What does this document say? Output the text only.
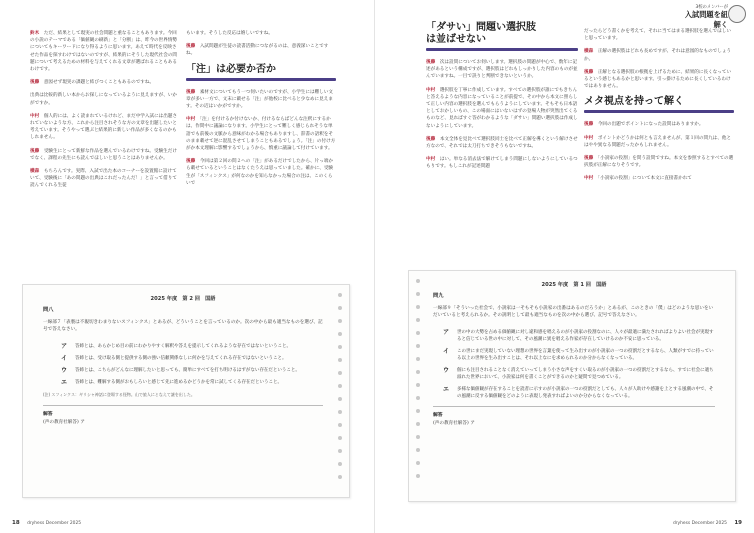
鈴木　 ただ、結果として現実の社会問題と重なることもあります。今回の小説のテーマである「価値観の刷新」と「分断」は、昨今の世界情勢についてもキーワードになり得るように思います。あえて時代を反映させた作品を探すわけではないのですが、結果的にそうした現代社会の問題について考えるための材料を与えてくれる文章が選ばれることもあるわけです。

後藤　 意図せず現実の課題と結びつくこともあるのですね。

出典は比較的新しい本からお探しになっているように見えますが、いかがですか。

中村　 個人的には、よく読まれているけれど、まだ中学入試には出題されていないような方、これから注目されそうな方の文章を出題したいと考えています。そうやって選ぶと結果的に新しい作品が多くなるのかもしれません。

後藤　 受験生にとって新鮮な作品を選んでいるわけですね。受験生だけでなく、課程の先生にも読んでほしいと思うことはありませんか。

横森　 もちろんです。実際、入試で出た本のコーナーを設置館に設けていて、受験後に「あの問題の出典はこれだったんだ！」と言って借りて読んでくれる生徒

もいます。そうした反応は嬉しいですね。

後藤　 入試問題が生徒の読書活動につながるのは、意義深いことですね。

「注」は必要か否か

後藤　 素材文についてもう一つ伺いたいのですが、小学生には難しい文章が多い一方で、文末に載せる「注」が他校に比べると少なめに見えます。その辺はいかがですか。

中村　 「注」を付けるか付けないか、付けるならばどんな注釈にするかは、作問中に議論になります。小学生にとって難しく感じられそうな単語でも前後の文脈から意味がわかる場合もありますし、辞書の語釈をそのまま載せて逆に混乱させてしまうこともあるでしょう。「注」の付け方がか本文理解に影響するでしょうから、慎重に議論して付けています。

後藤　 今回は第２回の問２への「注」があるだけでしたから、片っ端から載せているということはなくたうえは思っていました。確かに、受験生が「スフィンクス」が何なのかを知らなかった場合の注は、このくらいで

2025 年度　第 2 回　国語
問八
一線部７「表裏は不親切きわまりないスフィンクス」とあるが、どういうことを言っているのか。次の中から最も適当なものを選び、記号で答えなさい。
ア	答姉とは、あらかじめ目の前にわかりやすく解釈や答えを提示してくれるような存在ではないということ。
イ	答姉とは、受け取る側と提供する側の強い信頼関係なしに何かを与えてくれる存在ではないということ。
ウ	答姉とは、こちらがどんなに理解したいと思っても、簡単にすべてを打ち明けるはずがない存在だということ。
エ	答姉とは、難解する側がおもしろいと感じて先に進めるかどうかを常に試してくる存在だということ。
(注) スフィンクス：ギリシャ神話に登場する怪物。山で旅人にとなえて謎を出した。
解答
(声の教育社解答) ア
18 dryhess December 2025
3校のメンバーが
入試問題を紐解く
「ダサい」問題い選択肢は並ばせない

後藤　 次は設問についてお伺いします。選択肢の問題が中心で、数年に記述があるという構成ですが、選択肢はどれもしっかりした内容のものが並んでいますね。一目で誤りと判断できないというか。

中村　 選択肢を丁寧に作成しています。すべての選択肢が誰にでもきちんと答えるような内容になっていることが前提で、その中から本文に照らして正しい内容の選択肢を選んでもらうようにしています。そもそも日本語としておかしいもの、この場面にはいないはずの登場人物が突然出てくるものなど、見ればすぐ答がわかるような「ダサい」問題い選択肢は作成しないようにしています。

後藤　 本文全体を見比べて選択肢同士を比べて正解を導くという解けさせ方なので、それでは太刀打ちできそうもないですね。

中村　 はい。単なる消去法で解けてしまう問題にしないようにしているつもりです。もしこれが記述問題

だったらどう書くかを考えて、それに当てはまる選択肢を選んでほしいと思っています。

横森　 正解の選択肢はどれも長めですが、それは意図的なものでしょうか。

後藤　 正解となる選択肢の根拠を上げるために、結果的に長くなっているという感じもあるかと思います。引っ掛けるために長くしているわけではありません。

メタ視点を持って解く

後藤　 今回の出題でポイントになった設問はありますか。

中村　 ポイントかどうかは何とも言えませんが、第１回の問九は、他とはやや異なる問題だったかもしれません。

後藤　 「小説家の役割」を問う設問ですね。本文を参照するとすべての選択肢が正解になりそうです。

中村　 「小説家の役割」について本文に直接書かれて

2025 年度　第 1 回　国語
問九
一線部９「そういった社会で、小説家は一そもそも小説家の出番はあるのだろうか」とあるが、このときの「僕」はどのような思いをいだいていると考えられるか。その説明として最も適当なものを次の中から選び、記号で答えなさい。
ア	世の中の大勢を占める価値観に対し違和感を唱えるのが小説家の役割なのに、人々が最適に満たされればよりよい社会が実現すると信じている世の中に対して、その風潮に異を唱える作家が存在していけるのか不安に思っている。
イ	この世にまだ実現していない理想の世界を言葉を使って生み出すのが小説家の一つの役割だとするなら、人類がすでに持っている以上の世界を生み出すことは、それ以上なにを求められるのか分からなくなっている。
ウ	個にも注目されることなく消えていってしまう小さな声をすくい取るのが小説家の一つの役割だとするなら、すでに社会に適ち溢れた世界において、小説家は何を書くことができるのかと疑問で見つめている。
エ	多様な価値観が存在することを読者に示すのが小説家の一つの役割だとしても、人々が人助けや感謝を上とする風潮の中で、その風潮に反する価値観をどのように表現し発表すればよいのか分からなくなっている。
解答
(声の教育社解答) ア
dryhess December 2025 19
